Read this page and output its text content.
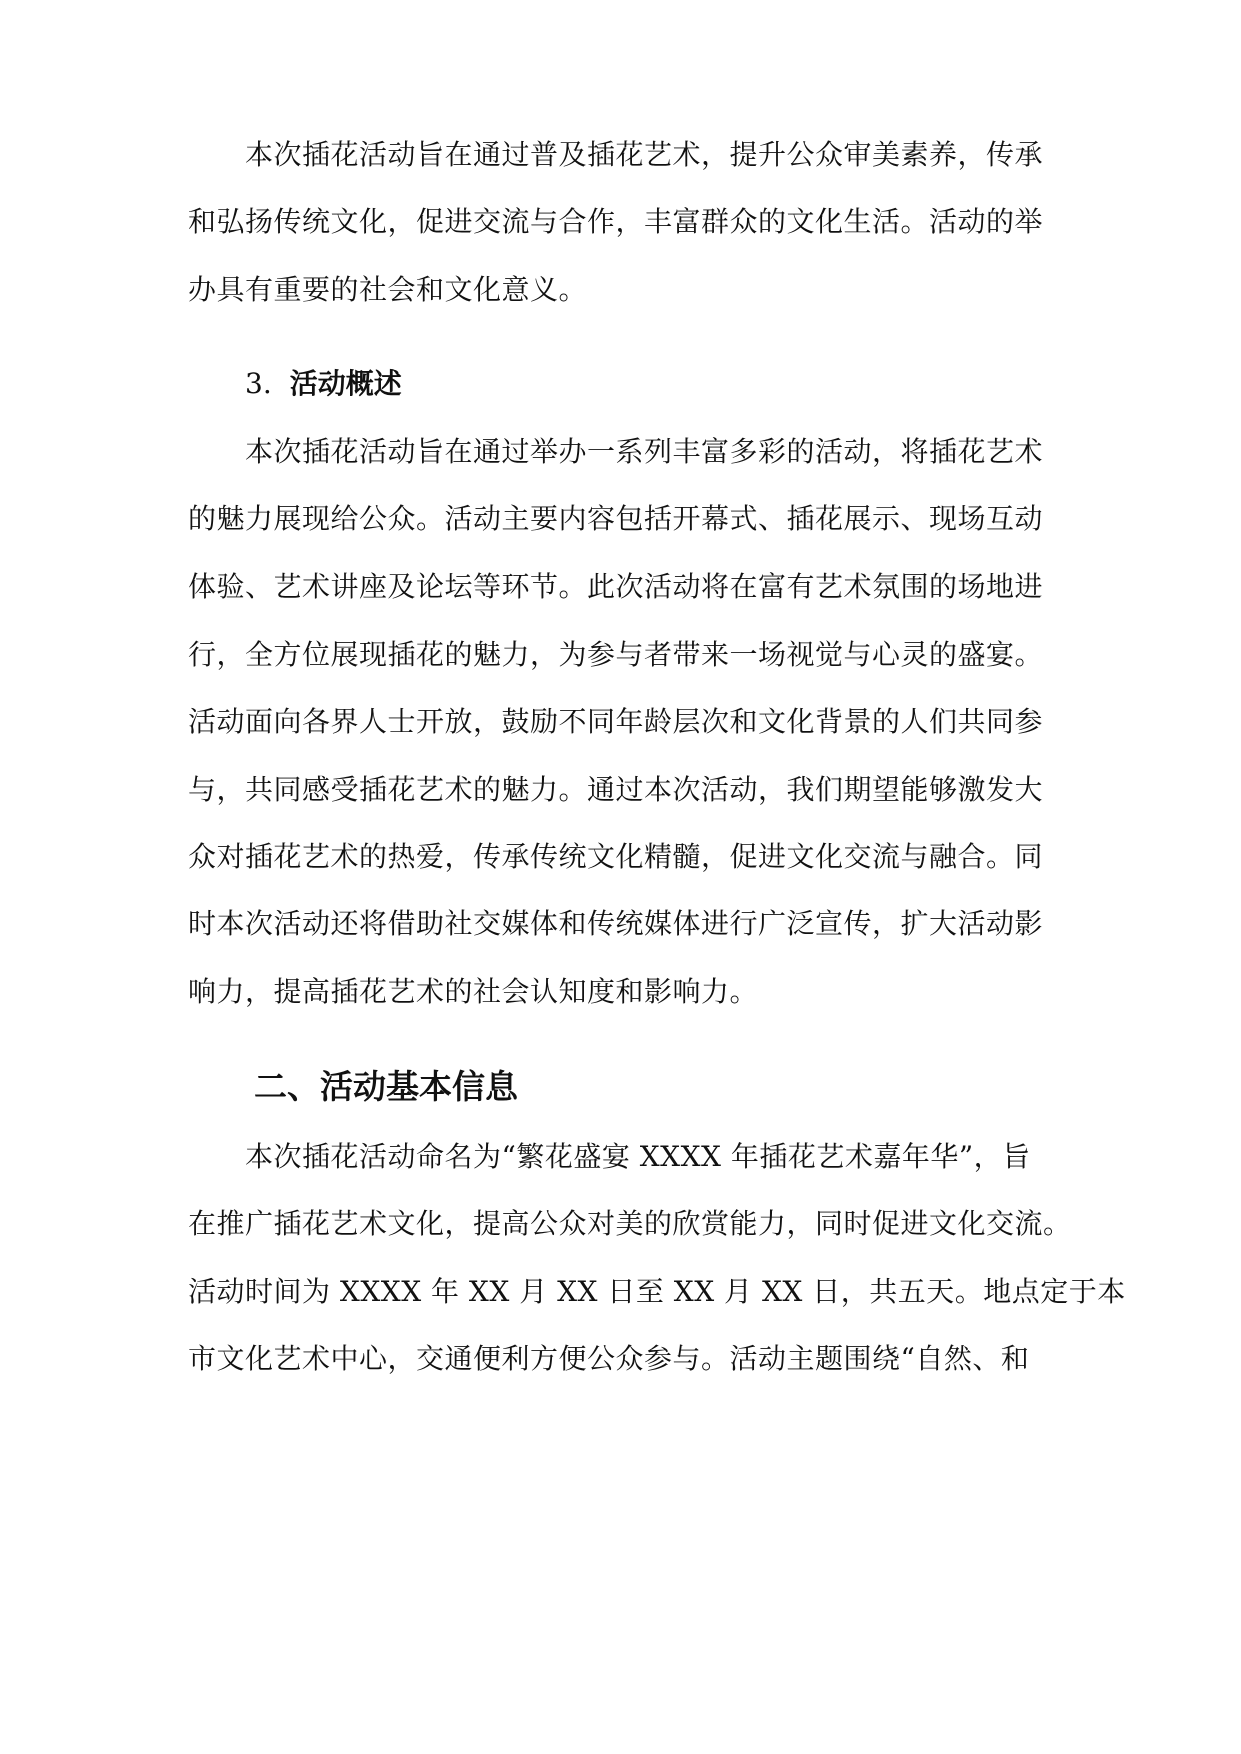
本次插花活动旨在通过普及插花艺术，提升公众审美素养，传承
和弘扬传统文化，促进交流与合作，丰富群众的文化生活。活动的举
办具有重要的社会和文化意义。
3. 活动概述
本次插花活动旨在通过举办一系列丰富多彩的活动，将插花艺术
的魅力展现给公众。活动主要内容包括开幕式、插花展示、现场互动
体验、艺术讲座及论坛等环节。此次活动将在富有艺术氛围的场地进
行，全方位展现插花的魅力，为参与者带来一场视觉与心灵的盛宴。
活动面向各界人士开放，鼓励不同年龄层次和文化背景的人们共同参
与，共同感受插花艺术的魅力。通过本次活动，我们期望能够激发大
众对插花艺术的热爱，传承传统文化精髓，促进文化交流与融合。同
时本次活动还将借助社交媒体和传统媒体进行广泛宣传，扩大活动影
响力，提高插花艺术的社会认知度和影响力。
二、活动基本信息
本次插花活动命名为“繁花盛宴 XXXX 年插花艺术嘉年华”，旨
在推广插花艺术文化，提高公众对美的欣赏能力，同时促进文化交流。
活动时间为 XXXX 年 XX 月 XX 日至 XX 月 XX 日，共五天。地点定于本
市文化艺术中心，交通便利方便公众参与。活动主题围绕“自然、和
